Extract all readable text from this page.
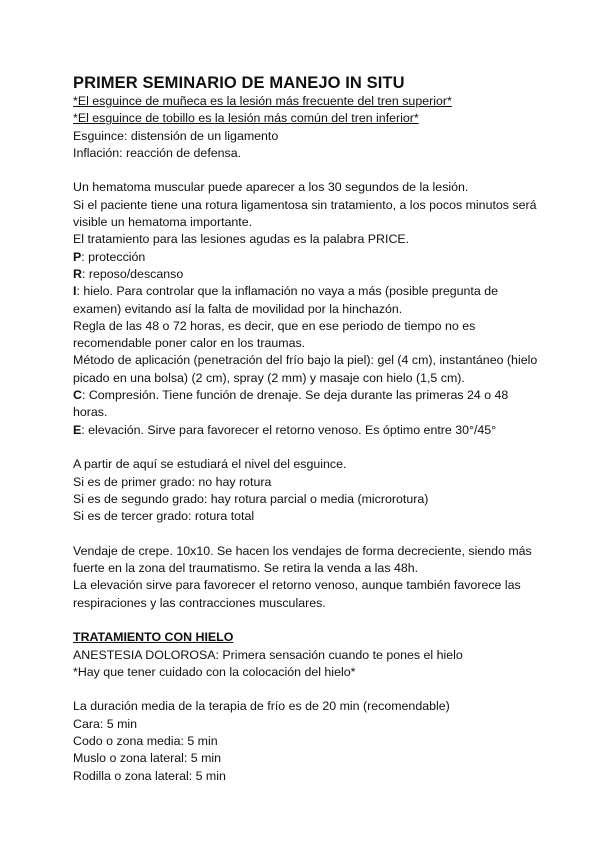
PRIMER SEMINARIO DE MANEJO IN SITU

*El esguince de muñeca es la lesión más frecuente del tren superior*

*El esguince de tobillo es la lesión más común del tren inferior*

Esguince: distensión de un ligamento

Inflación: reacción de defensa.

Un hematoma muscular puede aparecer a los 30 segundos de la lesión.

Si el paciente tiene una rotura ligamentosa sin tratamiento, a los pocos minutos será visible un hematoma importante.

El tratamiento para las lesiones agudas es la palabra PRICE.

P: protección

R: reposo/descanso

I: hielo. Para controlar que la inflamación no vaya a más (posible pregunta de examen) evitando así la falta de movilidad por la hinchazón.

Regla de las 48 o 72 horas, es decir, que en ese periodo de tiempo no es recomendable poner calor en los traumas.

Método de aplicación (penetración del frío bajo la piel): gel (4 cm), instantáneo (hielo picado en una bolsa) (2 cm), spray (2 mm) y masaje con hielo (1,5 cm).

C: Compresión. Tiene función de drenaje. Se deja durante las primeras 24 o 48 horas.

E: elevación. Sirve para favorecer el retorno venoso. Es óptimo entre 30°/45°

A partir de aquí se estudiará el nivel del esguince.

Si es de primer grado: no hay rotura

Si es de segundo grado: hay rotura parcial o media (microrotura)

Si es de tercer grado: rotura total

Vendaje de crepe. 10x10. Se hacen los vendajes de forma decreciente, siendo más fuerte en la zona del traumatismo. Se retira la venda a las 48h.

La elevación sirve para favorecer el retorno venoso, aunque también favorece las respiraciones y las contracciones musculares.

TRATAMIENTO CON HIELO

ANESTESIA DOLOROSA: Primera sensación cuando te pones el hielo

*Hay que tener cuidado con la colocación del hielo*

La duración media de la terapia de frío es de 20 min (recomendable)

Cara: 5 min

Codo o zona media: 5 min

Muslo o zona lateral: 5 min

Rodilla o zona lateral: 5 min
